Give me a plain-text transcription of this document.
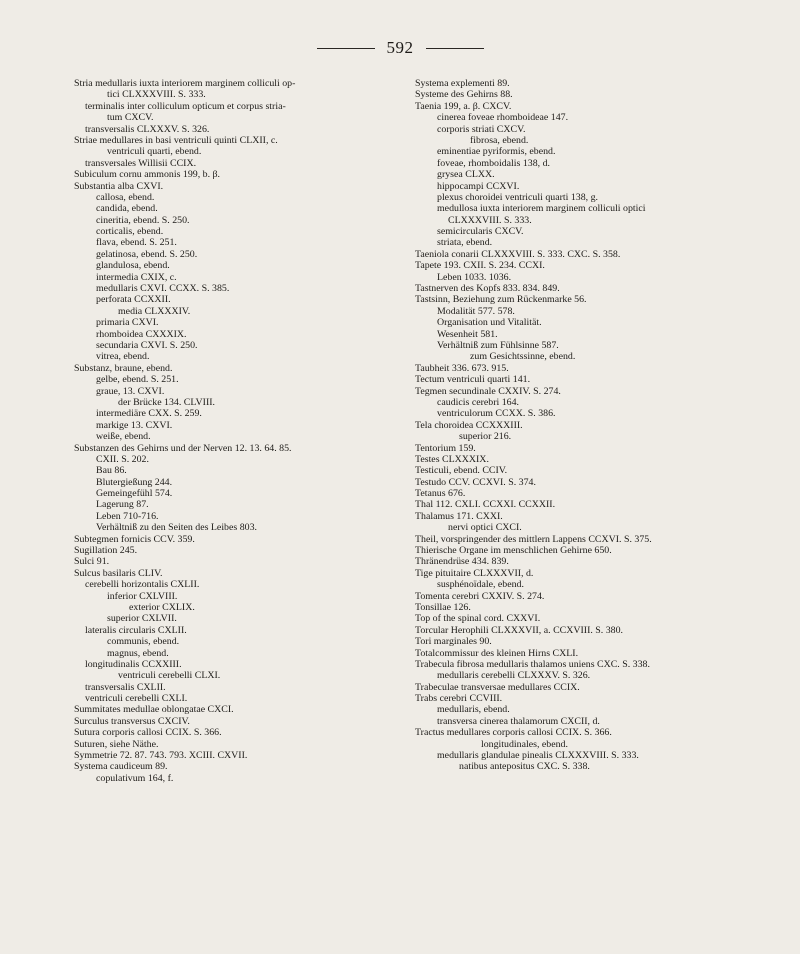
592
Stria medullaris iuxta interiorem marginem colliculi op-
tici CLXXXVIII. S. 333.
terminalis inter colliculum opticum et corpus stria-
tum CXCV.
transversalis CLXXXV. S. 326.
Striae medullares in basi ventriculi quinti CLXII, c.
ventriculi quarti, ebend.
transversales Willisii CCIX.
Subiculum cornu ammonis 199, b. β.
Substantia alba CXVI.
callosa, ebend.
candida, ebend.
cineritia, ebend. S. 250.
corticalis, ebend.
flava, ebend. S. 251.
gelatinosa, ebend. S. 250.
glandulosa, ebend.
intermedia CXIX, c.
medullaris CXVI. CCXX. S. 385.
perforata CCXXII.
media CLXXXIV.
primaria CXVI.
rhomboidea CXXXIX.
secundaria CXVI. S. 250.
vitrea, ebend.
Substanz, braune, ebend.
gelbe, ebend. S. 251.
graue, 13. CXVI.
der Brücke 134. CLVIII.
intermediäre CXX. S. 259.
markige 13. CXVI.
weiße, ebend.
Substanzen des Gehirns und der Nerven 12. 13. 64. 85.
CXII. S. 202.
Bau 86.
Blutergießung 244.
Gemeingefühl 574.
Lagerung 87.
Leben 710-716.
Verhältniß zu den Seiten des Leibes 803.
Subtegmen fornicis CCV. 359.
Sugillation 245.
Sulci 91.
Sulcus basilaris CLIV.
cerebelli horizontalis CXLII.
inferior CXLVIII.
exterior CXLIX.
superior CXLVII.
lateralis circularis CXLII.
communis, ebend.
magnus, ebend.
longitudinalis CCXXIII.
ventriculi cerebelli CLXI.
transversalis CXLII.
ventriculi cerebelli CXLI.
Summitates medullae oblongatae CXCI.
Surculus transversus CXCIV.
Sutura corporis callosi CCIX. S. 366.
Suturen, siehe Näthe.
Symmetrie 72. 87. 743. 793. XCIII. CXVII.
Systema caudiceum 89.
copulativum 164, f.
Systema explementi 89.
Systeme des Gehirns 88.
Taenia 199, a. β. CXCV.
cinerea foveae rhomboideae 147.
corporis striati CXCV.
fibrosa, ebend.
eminentiae pyriformis, ebend.
foveae, rhomboidalis 138, d.
grysea CLXX.
hippocampi CCXVI.
plexus choroidei ventriculi quarti 138, g.
medullosa iuxta interiorem marginem colliculi optici
CLXXXVIII. S. 333.
semicircularis CXCV.
striata, ebend.
Taeniola conarii CLXXXVIII. S. 333. CXC. S. 358.
Tapete 193. CXII. S. 234. CCXI.
Leben 1033. 1036.
Tastnerven des Kopfs 833. 834. 849.
Tastsinn, Beziehung zum Rückenmarke 56.
Modalität 577. 578.
Organisation und Vitalität.
Wesenheit 581.
Verhältniß zum Fühlsinne 587.
zum Gesichtssinne, ebend.
Taubheit 336. 673. 915.
Tectum ventriculi quarti 141.
Tegmen secundinale CXXIV. S. 274.
caudicis cerebri 164.
ventriculorum CCXX. S. 386.
Tela choroidea CCXXXIII.
superior 216.
Tentorium 159.
Testes CLXXXIX.
Testiculi, ebend. CCIV.
Testudo CCV. CCXVI. S. 374.
Tetanus 676.
Thal 112. CXLI. CCXXI. CCXXII.
Thalamus 171. CXXI.
nervi optici CXCI.
Theil, vorspringender des mittlern Lappens CCXVI. S. 375.
Thierische Organe im menschlichen Gehirne 650.
Thränendrüse 434. 839.
Tige pituitaire CLXXXVII, d.
susphénoïdale, ebend.
Tomenta cerebri CXXIV. S. 274.
Tonsillae 126.
Top of the spinal cord. CXXVI.
Torcular Herophili CLXXXVII, a. CCXVIII. S. 380.
Tori marginales 90.
Totalcommissur des kleinen Hirns CXLI.
Trabecula fibrosa medullaris thalamos uniens CXC. S. 338.
medullaris cerebelli CLXXXV. S. 326.
Trabeculae transversae medullares CCIX.
Trabs cerebri CCVIII.
medullaris, ebend.
transversa cinerea thalamorum CXCII, d.
Tractus medullares corporis callosi CCIX. S. 366.
longitudinales, ebend.
medullaris glandulae pinealis CLXXXVIII. S. 333.
natibus antepositus CXC. S. 338.
